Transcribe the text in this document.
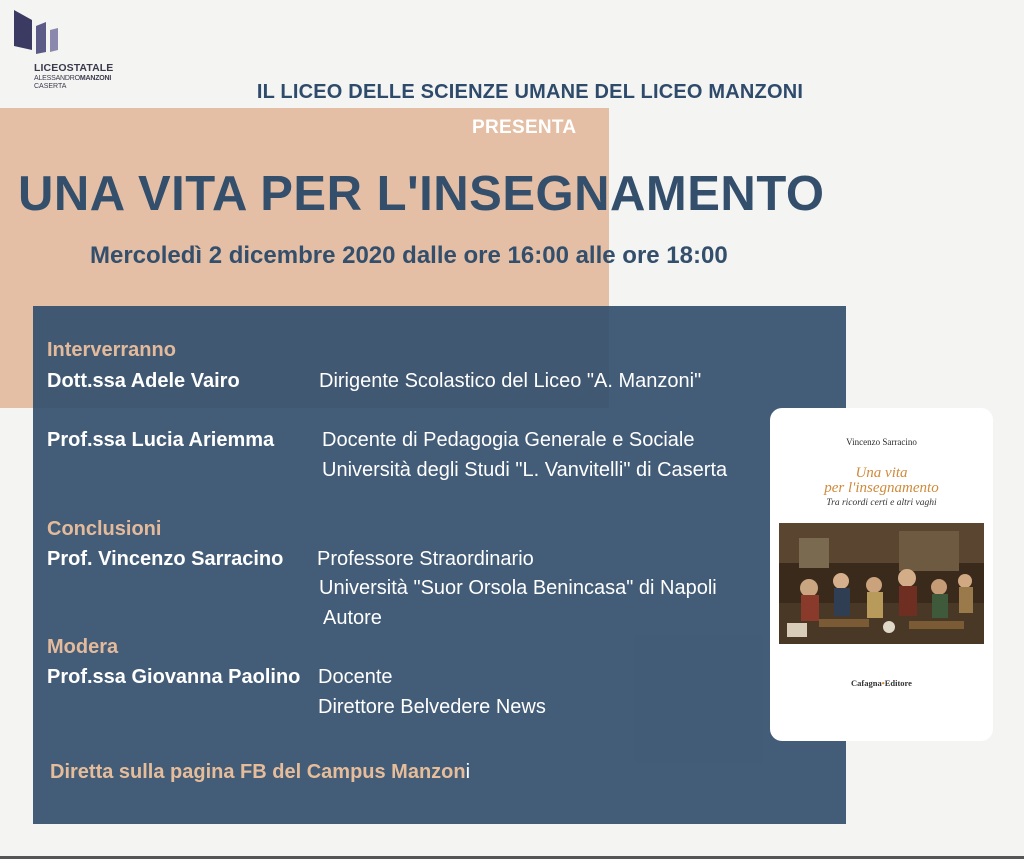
LICEOSTATALE
ALESSANDROMANZONI
CASERTA	IL LICEO DELLE SCIENZE UMANE DEL LICEO MANZONI
PRESENTA
UNA VITA PER L'INSEGNAMENTO
Mercoledì 2 dicembre 2020 dalle ore 16:00 alle ore 18:00
Interverranno
Dott.ssa Adele Vairo	Dirigente Scolastico del Liceo "A. Manzoni"
Prof.ssa Lucia Ariemma Docente di Pedagogia Generale e Sociale
Università degli Studi "L. Vanvitelli" di Caserta
Conclusioni
Prof. Vincenzo Sarracino Professore Straordinario
Università "Suor Orsola Benincasa" di Napoli
Autore
Modera
Prof.ssa Giovanna Paolino Docente
Direttore Belvedere News
Diretta sulla pagina FB del Campus Manzoni
Vincenzo Sarracino
Una vita
per l'insegnamento
Tra ricordi certi e altri vaghi
Cafagna•Editore
